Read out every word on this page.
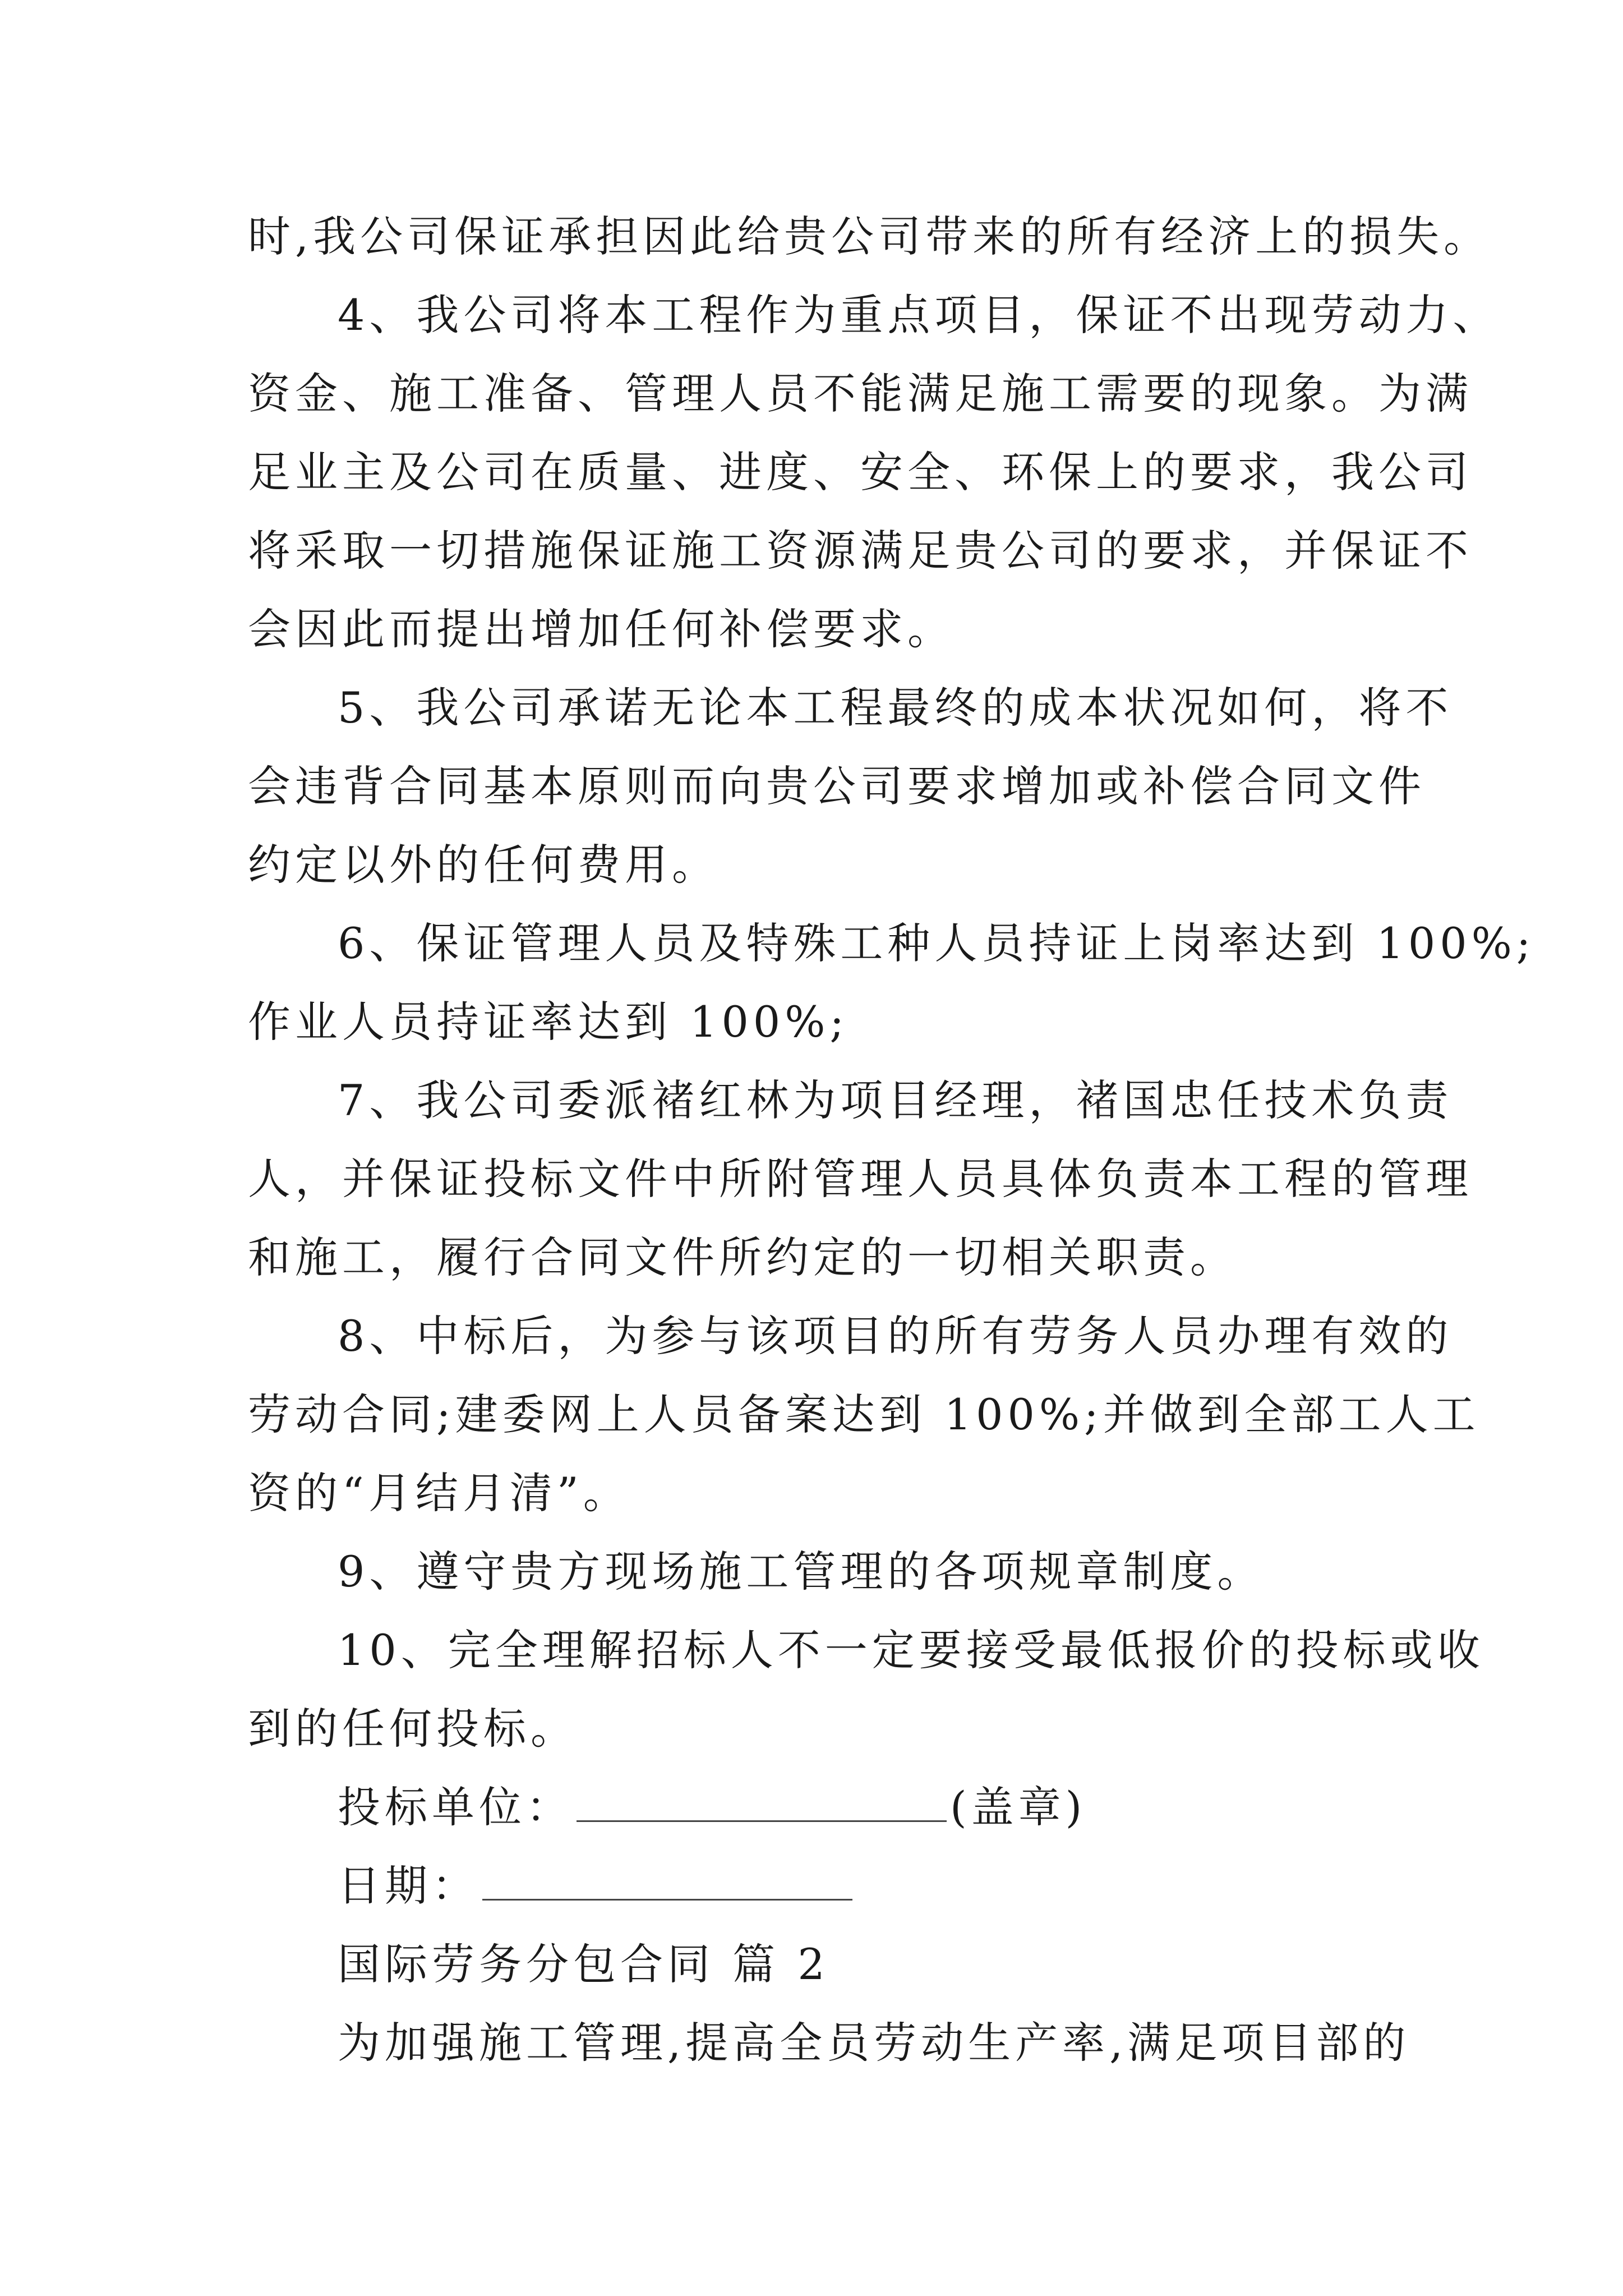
时,我公司保证承担因此给贵公司带来的所有经济上的损失。
4、我公司将本工程作为重点项目，保证不出现劳动力、
资金、施工准备、管理人员不能满足施工需要的现象。为满
足业主及公司在质量、进度、安全、环保上的要求，我公司
将采取一切措施保证施工资源满足贵公司的要求，并保证不
会因此而提出增加任何补偿要求。
5、我公司承诺无论本工程最终的成本状况如何，将不
会违背合同基本原则而向贵公司要求增加或补偿合同文件
约定以外的任何费用。
6、保证管理人员及特殊工种人员持证上岗率达到 100%;
作业人员持证率达到 100%;
7、我公司委派褚红林为项目经理，褚国忠任技术负责
人，并保证投标文件中所附管理人员具体负责本工程的管理
和施工，履行合同文件所约定的一切相关职责。
8、中标后，为参与该项目的所有劳务人员办理有效的
劳动合同;建委网上人员备案达到 100%;并做到全部工人工
资的“月结月清”。
9、遵守贵方现场施工管理的各项规章制度。
10、完全理解招标人不一定要接受最低报价的投标或收
到的任何投标。
投标单位：	(盖章)
日期：
国际劳务分包合同 篇 2
为加强施工管理,提高全员劳动生产率,满足项目部的
